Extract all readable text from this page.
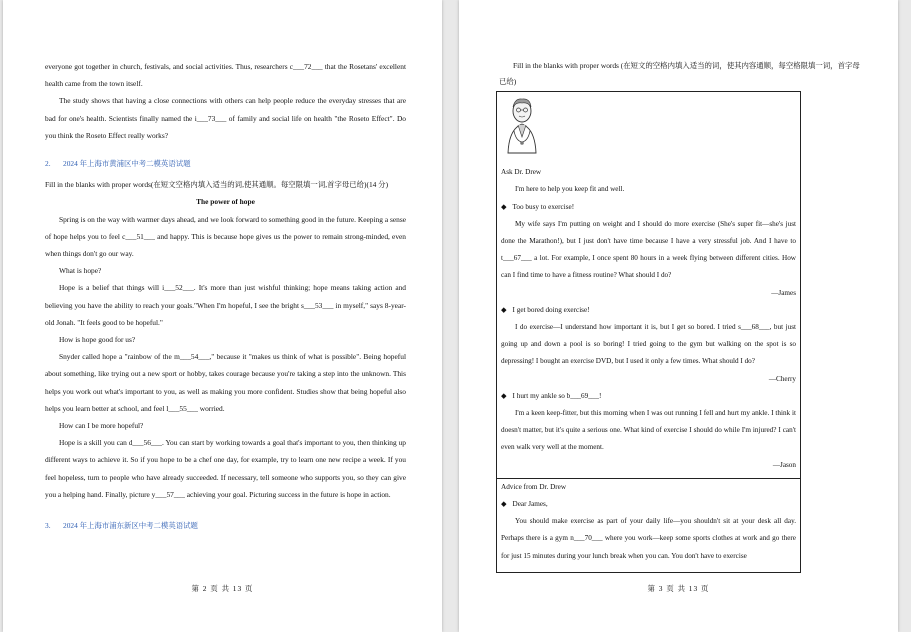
everyone got together in church, festivals, and social activities. Thus, researchers c___72___ that the Rosetans' excellent health came from the town itself.

The study shows that having a close connections with others can help people reduce the everyday stresses that are bad for one's health. Scientists finally named the i___73___ of family and social life on health "the Roseto Effect". Do you think the Roseto Effect really works?

2. 2024 年上海市黄浦区中考二模英语试题

Fill in the blanks with proper words(在短文空格内填入适当的词,使其通顺。每空限填一词,首字母已给)(14 分)

The power of hope

Spring is on the way with warmer days ahead, and we look forward to something good in the future. Keeping a sense of hope helps you to feel c___51___ and happy. This is because hope gives us the power to remain strong-minded, even when things don't go our way.

What is hope?

Hope is a belief that things will i___52___. It's more than just wishful thinking; hope means taking action and believing you have the ability to reach your goals."When I'm hopeful, I see the bright s___53___ in myself," says 8-year-old Jonah. "It feels good to be hopeful."

How is hope good for us?

Snyder called hope a "rainbow of the m___54___," because it "makes us think of what is possible". Being hopeful about something, like trying out a new sport or hobby, takes courage because you're taking a step into the unknown. This helps you work out what's important to you, as well as making you more confident. Studies show that being hopeful also helps you learn better at school, and feel l___55___ worried.

How can I be more hopeful?

Hope is a skill you can d___56___. You can start by working towards a goal that's important to you, then thinking up different ways to achieve it. So if you hope to be a chef one day, for example, try to learn one new recipe a week. If you feel hopeless, turn to people who have already succeeded. If necessary, tell someone who supports you, so they can give you a helping hand. Finally, picture y___57___ achieving your goal. Picturing success in the future is hope in action.

3. 2024 年上海市浦东新区中考二模英语试题

第 2 页 共 13 页

Fill in the blanks with proper words (在短文的空格内填入适当的词，使其内容通顺，每空格限填一词，首字母已给)

Ask Dr. Drew

I'm here to help you keep fit and well.

◆ Too busy to exercise!

My wife says I'm putting on weight and I should do more exercise (She's super fit—she's just done the Marathon!), but I just don't have time because I have a very stressful job. And I have to t___67___ a lot. For example, I once spent 80 hours in a week flying between different cities. How can I find time to have a fitness routine? What should I do?

—James

◆ I get bored doing exercise!

I do exercise—I understand how important it is, but I get so bored. I tried s___68___, but just going up and down a pool is so boring! I tried going to the gym but walking on the spot is so depressing! I bought an exercise DVD, but I used it only a few times. What should I do?

—Cherry

◆ I hurt my ankle so b___69___!

I'm a keen keep-fitter, but this morning when I was out running I fell and hurt my ankle. I think it doesn't matter, but it's quite a serious one. What kind of exercise I should do while I'm injured? I can't even walk very well at the moment.

—Jason

Advice from Dr. Drew

◆ Dear James,

You should make exercise as part of your daily life—you shouldn't sit at your desk all day. Perhaps there is a gym n___70___ where you work—keep some sports clothes at work and go there for just 15 minutes during your lunch break when you can. You don't have to exercise

第 3 页 共 13 页
